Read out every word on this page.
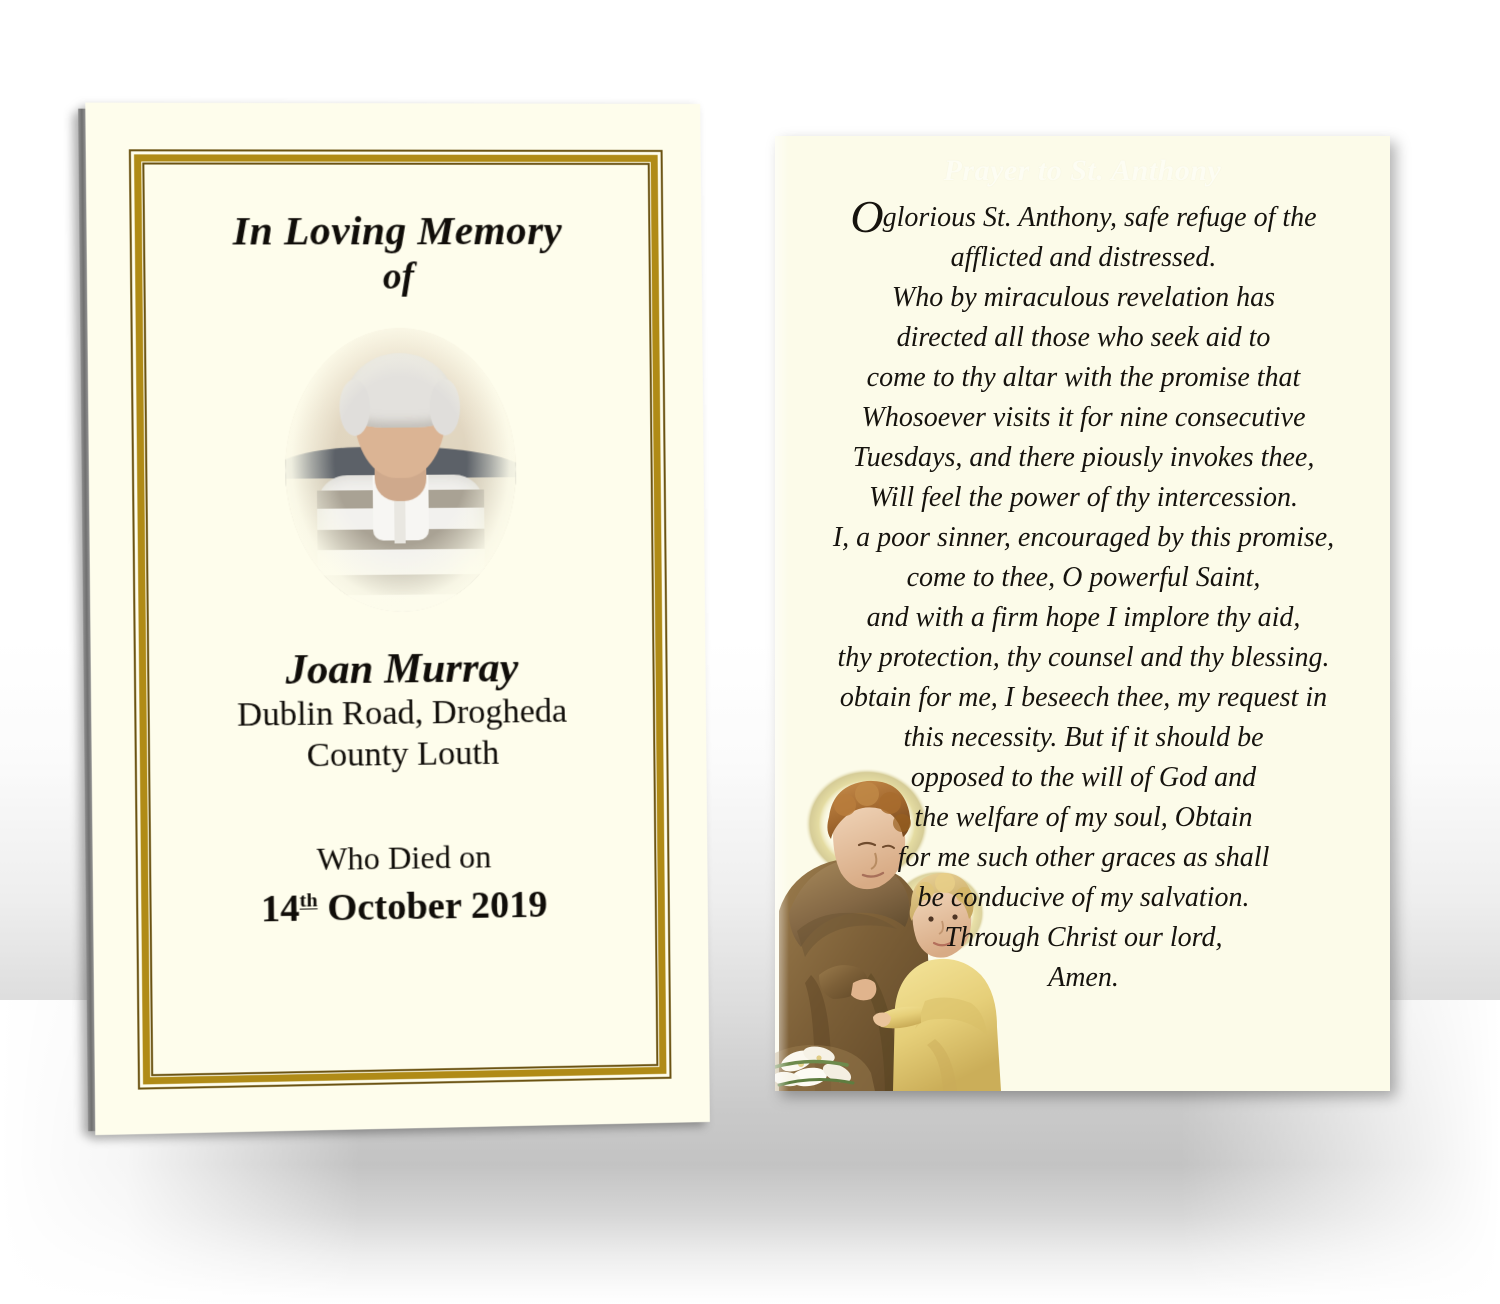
In Loving Memory
of
Joan Murray
Dublin Road, Drogheda
County Louth
Who Died on
14th October 2019
Prayer to St. Anthony
Oglorious St. Anthony, safe refuge of the
afflicted and distressed.
Who by miraculous revelation has
directed all those who seek aid to
come to thy altar with the promise that
Whosoever visits it for nine consecutive
Tuesdays, and there piously invokes thee,
Will feel the power of thy intercession.
I, a poor sinner, encouraged by this promise,
come to thee, O powerful Saint,
and with a firm hope I implore thy aid,
thy protection, thy counsel and thy blessing.
obtain for me, I beseech thee, my request in
this necessity. But if it should be
opposed to the will of God and
the welfare of my soul, Obtain
for me such other graces as shall
be conducive of my salvation.
Through Christ our lord,
Amen.
